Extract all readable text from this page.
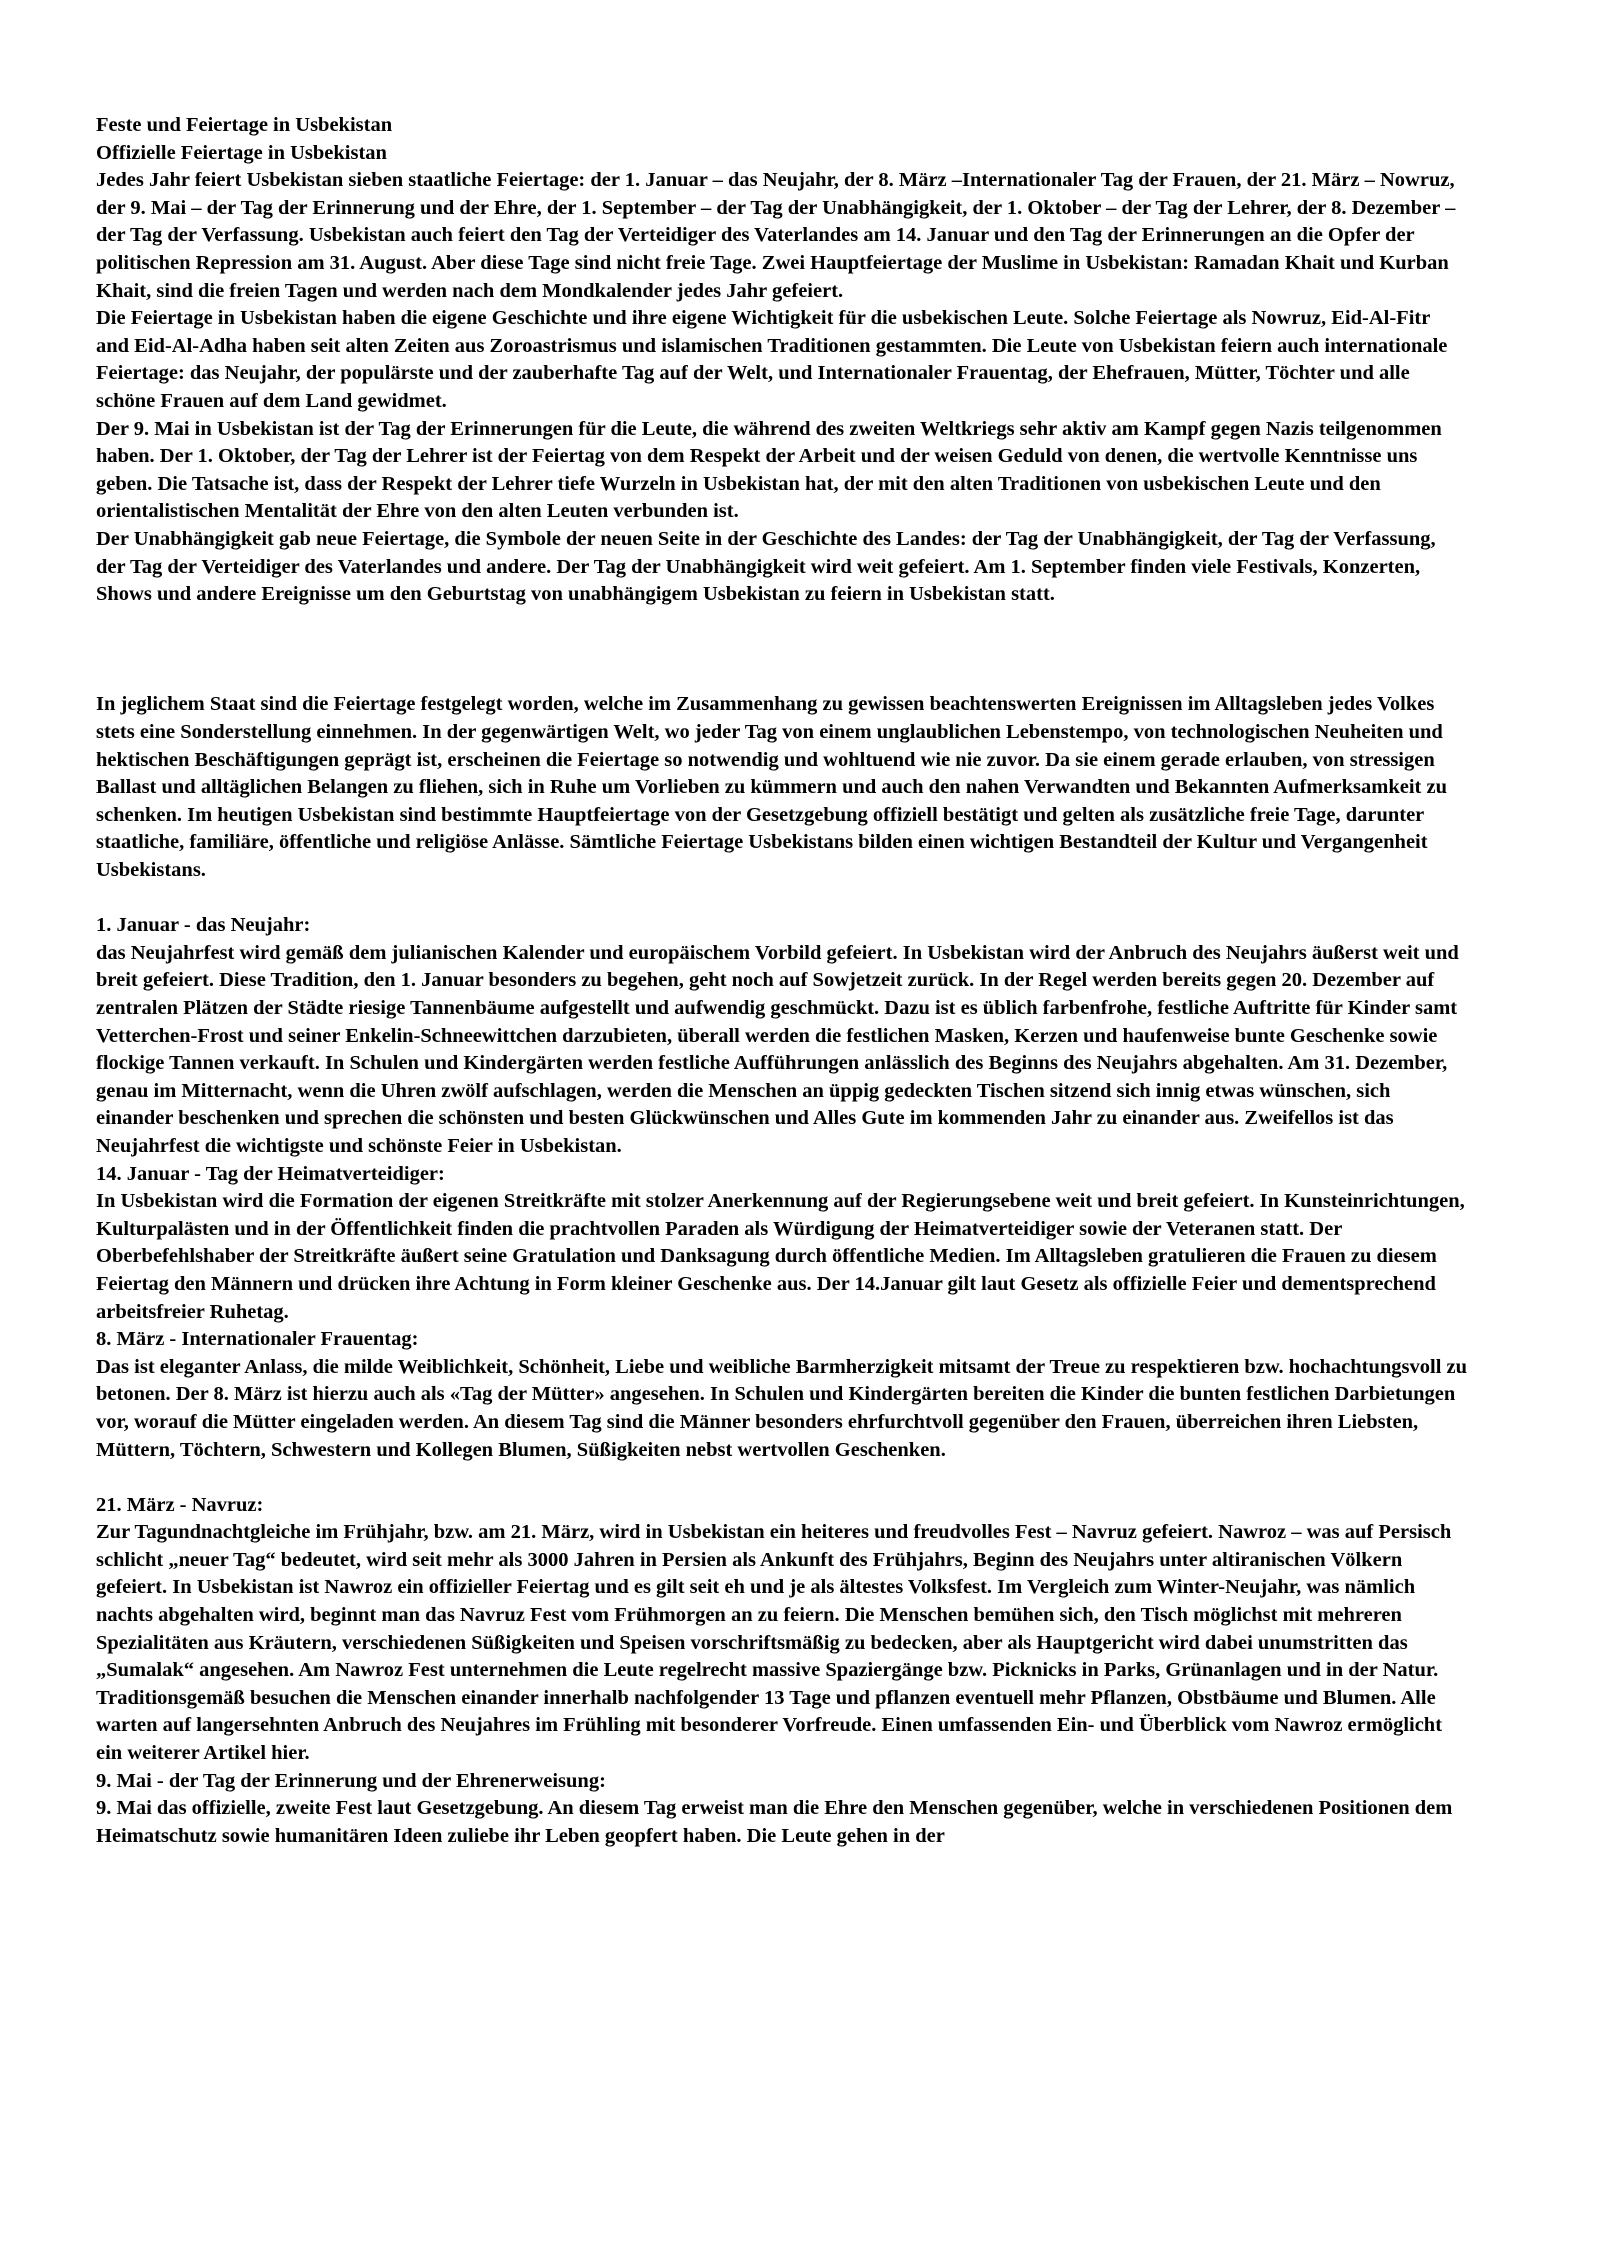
Feste und Feiertage in Usbekistan

Offizielle Feiertage in Usbekistan

Jedes Jahr feiert Usbekistan sieben staatliche Feiertage: der 1. Januar – das Neujahr, der 8. März –Internationaler Tag der Frauen, der 21. März – Nowruz, der 9. Mai – der Tag der Erinnerung und der Ehre, der 1. September – der Tag der Unabhängigkeit, der 1. Oktober – der Tag der Lehrer, der 8. Dezember – der Tag der Verfassung. Usbekistan auch feiert den Tag der Verteidiger des Vaterlandes am 14. Januar und den Tag der Erinnerungen an die Opfer der politischen Repression am 31. August. Aber diese Tage sind nicht freie Tage. Zwei Hauptfeiertage der Muslime in Usbekistan: Ramadan Khait und Kurban Khait, sind die freien Tagen und werden nach dem Mondkalender jedes Jahr gefeiert.

Die Feiertage in Usbekistan haben die eigene Geschichte und ihre eigene Wichtigkeit für die usbekischen Leute. Solche Feiertage als Nowruz, Eid-Al-Fitr and Eid-Al-Adha haben seit alten Zeiten aus Zoroastrismus und islamischen Traditionen gestammten. Die Leute von Usbekistan feiern auch internationale Feiertage: das Neujahr, der populärste und der zauberhafte Tag auf der Welt, und Internationaler Frauentag, der Ehefrauen, Mütter, Töchter und alle schöne Frauen auf dem Land gewidmet.

Der 9. Mai in Usbekistan ist der Tag der Erinnerungen für die Leute, die während des zweiten Weltkriegs sehr aktiv am Kampf gegen Nazis teilgenommen haben. Der 1. Oktober, der Tag der Lehrer ist der Feiertag von dem Respekt der Arbeit und der weisen Geduld von denen, die wertvolle Kenntnisse uns geben. Die Tatsache ist, dass der Respekt der Lehrer tiefe Wurzeln in Usbekistan hat, der mit den alten Traditionen von usbekischen Leute und den orientalistischen Mentalität der Ehre von den alten Leuten verbunden ist.

Der Unabhängigkeit gab neue Feiertage, die Symbole der neuen Seite in der Geschichte des Landes: der Tag der Unabhängigkeit, der Tag der Verfassung, der Tag der Verteidiger des Vaterlandes und andere. Der Tag der Unabhängigkeit wird weit gefeiert. Am 1. September finden viele Festivals, Konzerten, Shows und andere Ereignisse um den Geburtstag von unabhängigem Usbekistan zu feiern in Usbekistan statt.

In jeglichem Staat sind die Feiertage festgelegt worden, welche im Zusammenhang zu gewissen beachtenswerten Ereignissen im Alltagsleben jedes Volkes stets eine Sonderstellung einnehmen. In der gegenwärtigen Welt, wo jeder Tag von einem unglaublichen Lebenstempo, von technologischen Neuheiten und hektischen Beschäftigungen geprägt ist, erscheinen die Feiertage so notwendig und wohltuend wie nie zuvor. Da sie einem gerade erlauben, von stressigen Ballast und alltäglichen Belangen zu fliehen, sich in Ruhe um Vorlieben zu kümmern und auch den nahen Verwandten und Bekannten Aufmerksamkeit zu schenken. Im heutigen Usbekistan sind bestimmte Hauptfeiertage von der Gesetzgebung offiziell bestätigt und gelten als zusätzliche freie Tage, darunter staatliche, familiäre, öffentliche und religiöse Anlässe. Sämtliche Feiertage Usbekistans bilden einen wichtigen Bestandteil der Kultur und Vergangenheit Usbekistans.

1. Januar - das Neujahr:

das Neujahrfest wird gemäß dem julianischen Kalender und europäischem Vorbild gefeiert. In Usbekistan wird der Anbruch des Neujahrs äußerst weit und breit gefeiert. Diese Tradition, den 1. Januar besonders zu begehen, geht noch auf Sowjetzeit zurück. In der Regel werden bereits gegen 20. Dezember auf zentralen Plätzen der Städte riesige Tannenbäume aufgestellt und aufwendig geschmückt. Dazu ist es üblich farbenfrohe, festliche Auftritte für Kinder samt Vetterchen-Frost und seiner Enkelin-Schneewittchen darzubieten, überall werden die festlichen Masken, Kerzen und haufenweise bunte Geschenke sowie flockige Tannen verkauft. In Schulen und Kindergärten werden festliche Aufführungen anlässlich des Beginns des Neujahrs abgehalten. Am 31. Dezember, genau im Mitternacht, wenn die Uhren zwölf aufschlagen, werden die Menschen an üppig gedeckten Tischen sitzend sich innig etwas wünschen, sich einander beschenken und sprechen die schönsten und besten Glückwünschen und Alles Gute im kommenden Jahr zu einander aus. Zweifellos ist das Neujahrfest die wichtigste und schönste Feier in Usbekistan.

14. Januar - Tag der Heimatverteidiger:

In Usbekistan wird die Formation der eigenen Streitkräfte mit stolzer Anerkennung auf der Regierungsebene weit und breit gefeiert. In Kunsteinrichtungen, Kulturpalästen und in der Öffentlichkeit finden die prachtvollen Paraden als Würdigung der Heimatverteidiger sowie der Veteranen statt. Der Oberbefehlshaber der Streitkräfte äußert seine Gratulation und Danksagung durch öffentliche Medien. Im Alltagsleben gratulieren die Frauen zu diesem Feiertag den Männern und drücken ihre Achtung in Form kleiner Geschenke aus. Der 14.Januar gilt laut Gesetz als offizielle Feier und dementsprechend arbeitsfreier Ruhetag.

8. März - Internationaler Frauentag:

Das ist eleganter Anlass, die milde Weiblichkeit, Schönheit, Liebe und weibliche Barmherzigkeit mitsamt der Treue zu respektieren bzw. hochachtungsvoll zu betonen. Der 8. März ist hierzu auch als «Tag der Mütter» angesehen. In Schulen und Kindergärten bereiten die Kinder die bunten festlichen Darbietungen vor, worauf die Mütter eingeladen werden. An diesem Tag sind die Männer besonders ehrfurchtvoll gegenüber den Frauen, überreichen ihren Liebsten, Müttern, Töchtern, Schwestern und Kollegen Blumen, Süßigkeiten nebst wertvollen Geschenken.

21. März - Navruz:

Zur Tagundnachtgleiche im Frühjahr, bzw. am 21. März, wird in Usbekistan ein heiteres und freudvolles Fest – Navruz gefeiert. Nawroz – was auf Persisch schlicht „neuer Tag“ bedeutet, wird seit mehr als 3000 Jahren in Persien als Ankunft des Frühjahrs, Beginn des Neujahrs unter altiranischen Völkern gefeiert. In Usbekistan ist Nawroz ein offizieller Feiertag und es gilt seit eh und je als ältestes Volksfest. Im Vergleich zum Winter-Neujahr, was nämlich nachts abgehalten wird, beginnt man das Navruz Fest vom Frühmorgen an zu feiern. Die Menschen bemühen sich, den Tisch möglichst mit mehreren Spezialitäten aus Kräutern, verschiedenen Süßigkeiten und Speisen vorschriftsmäßig zu bedecken, aber als Hauptgericht wird dabei unumstritten das „Sumalak“ angesehen. Am Nawroz Fest unternehmen die Leute regelrecht massive Spaziergänge bzw. Picknicks in Parks, Grünanlagen und in der Natur. Traditionsgemäß besuchen die Menschen einander innerhalb nachfolgender 13 Tage und pflanzen eventuell mehr Pflanzen, Obstbäume und Blumen. Alle warten auf langersehnten Anbruch des Neujahres im Frühling mit besonderer Vorfreude. Einen umfassenden Ein- und Überblick vom Nawroz ermöglicht ein weiterer Artikel hier.

9. Mai - der Tag der Erinnerung und der Ehrenerweisung:

9. Mai das offizielle, zweite Fest laut Gesetzgebung. An diesem Tag erweist man die Ehre den Menschen gegenüber, welche in verschiedenen Positionen dem Heimatschutz sowie humanitären Ideen zuliebe ihr Leben geopfert haben. Die Leute gehen in der
